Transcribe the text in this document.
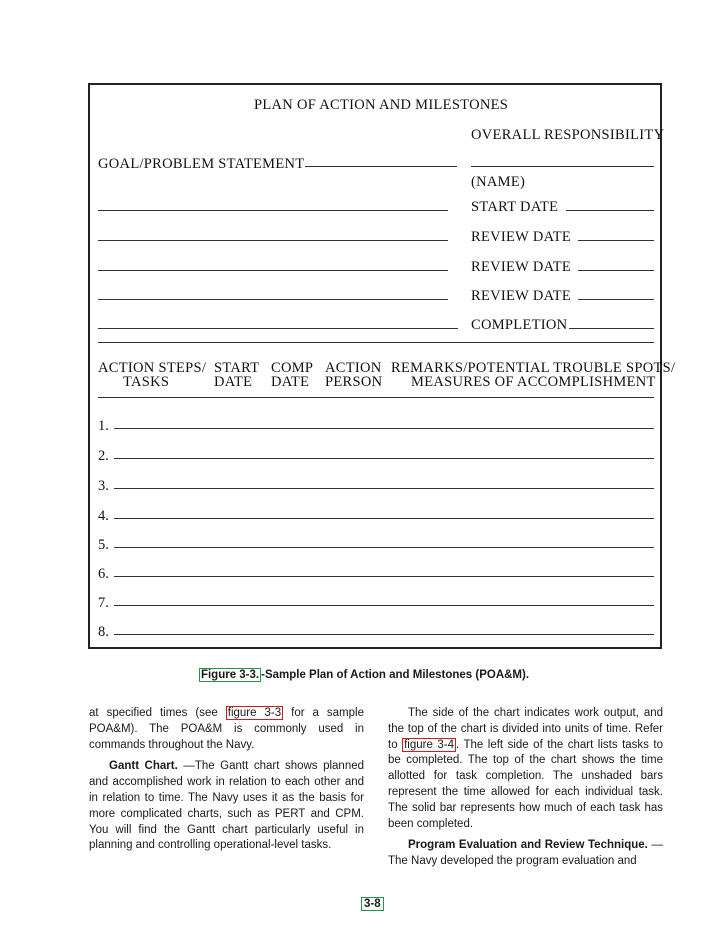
PLAN OF ACTION AND MILESTONES
OVERALL RESPONSIBILITY
(NAME)
GOAL/PROBLEM STATEMENT
START DATE
REVIEW DATE
REVIEW DATE
REVIEW DATE
COMPLETION
ACTION STEPS/
TASKS
START
DATE
COMP
DATE
ACTION
PERSON
REMARKS/POTENTIAL TROUBLE SPOTS/
MEASURES OF ACCOMPLISHMENT
1.
2.
3.
4.
5.
6.
7.
8.
Figure 3-3. -Sample Plan of Action and Milestones (POA&M).

at specified times (see figure 3-3 for a sample POA&M). The POA&M is commonly used in commands throughout the Navy.

Gantt Chart. —The Gantt chart shows planned and accomplished work in relation to each other and in relation to time. The Navy uses it as the basis for more complicated charts, such as PERT and CPM. You will find the Gantt chart particularly useful in planning and controlling operational-level tasks.

The side of the chart indicates work output, and the top of the chart is divided into units of time. Refer to figure 3-4 . The left side of the chart lists tasks to be completed. The top of the chart shows the time allotted for task completion. The unshaded bars represent the time allowed for each individual task. The solid bar represents how much of each task has been completed.

Program Evaluation and Review Technique. — The Navy developed the program evaluation and

3-8
